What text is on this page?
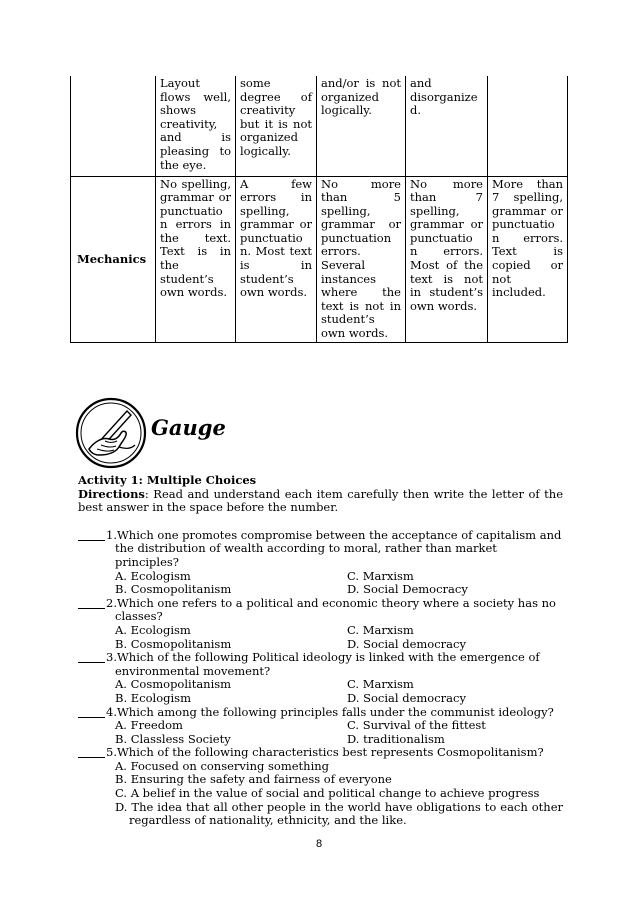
	Layout flows well, shows creativity, and is pleasing to the eye.	some degree of creativity but it is not organized logically.	and/or is not organized logically.	and disorganize d.	
Mechanics	No spelling, grammar or punctuatio n errors in the text. Text is in the student’s own words.	A few errors in spelling, grammar or punctuatio n. Most text is in student’s own words.	No more than 5 spelling, grammar or punctuation errors. Several instances where the text is not in student’s own words.	No more than 7 spelling, grammar or punctuatio n errors. Most of the text is not in student’s own words.	More than 7 spelling, grammar or punctuatio n errors. Text is copied or not included.
Gauge

Activity 1: Multiple Choices

Directions: Read and understand each item carefully then write the letter of the best answer in the space before the number.

1. Which one promotes compromise between the acceptance of capitalism and
the distribution of wealth according to moral, rather than market principles?

A. Ecologism	C. Marxism

B. Cosmopolitanism	D. Social Democracy

2. Which one refers to a political and economic theory where a society has no
classes?

A. Ecologism	C. Marxism

B. Cosmopolitanism	D. Social democracy

3. Which of the following Political ideology is linked with the emergence of
environmental movement?

A. Cosmopolitanism	C. Marxism

B. Ecologism	D. Social democracy

4. Which among the following principles falls under the communist ideology?

A. Freedom	C. Survival of the fittest

B. Classless Society	D. traditionalism

5. Which of the following characteristics best represents Cosmopolitanism?
A. Focused on conserving something
B. Ensuring the safety and fairness of everyone
C. A belief in the value of social and political change to achieve progress
D. The idea that all other people in the world have obligations to each other
regardless of nationality, ethnicity, and the like.
8
